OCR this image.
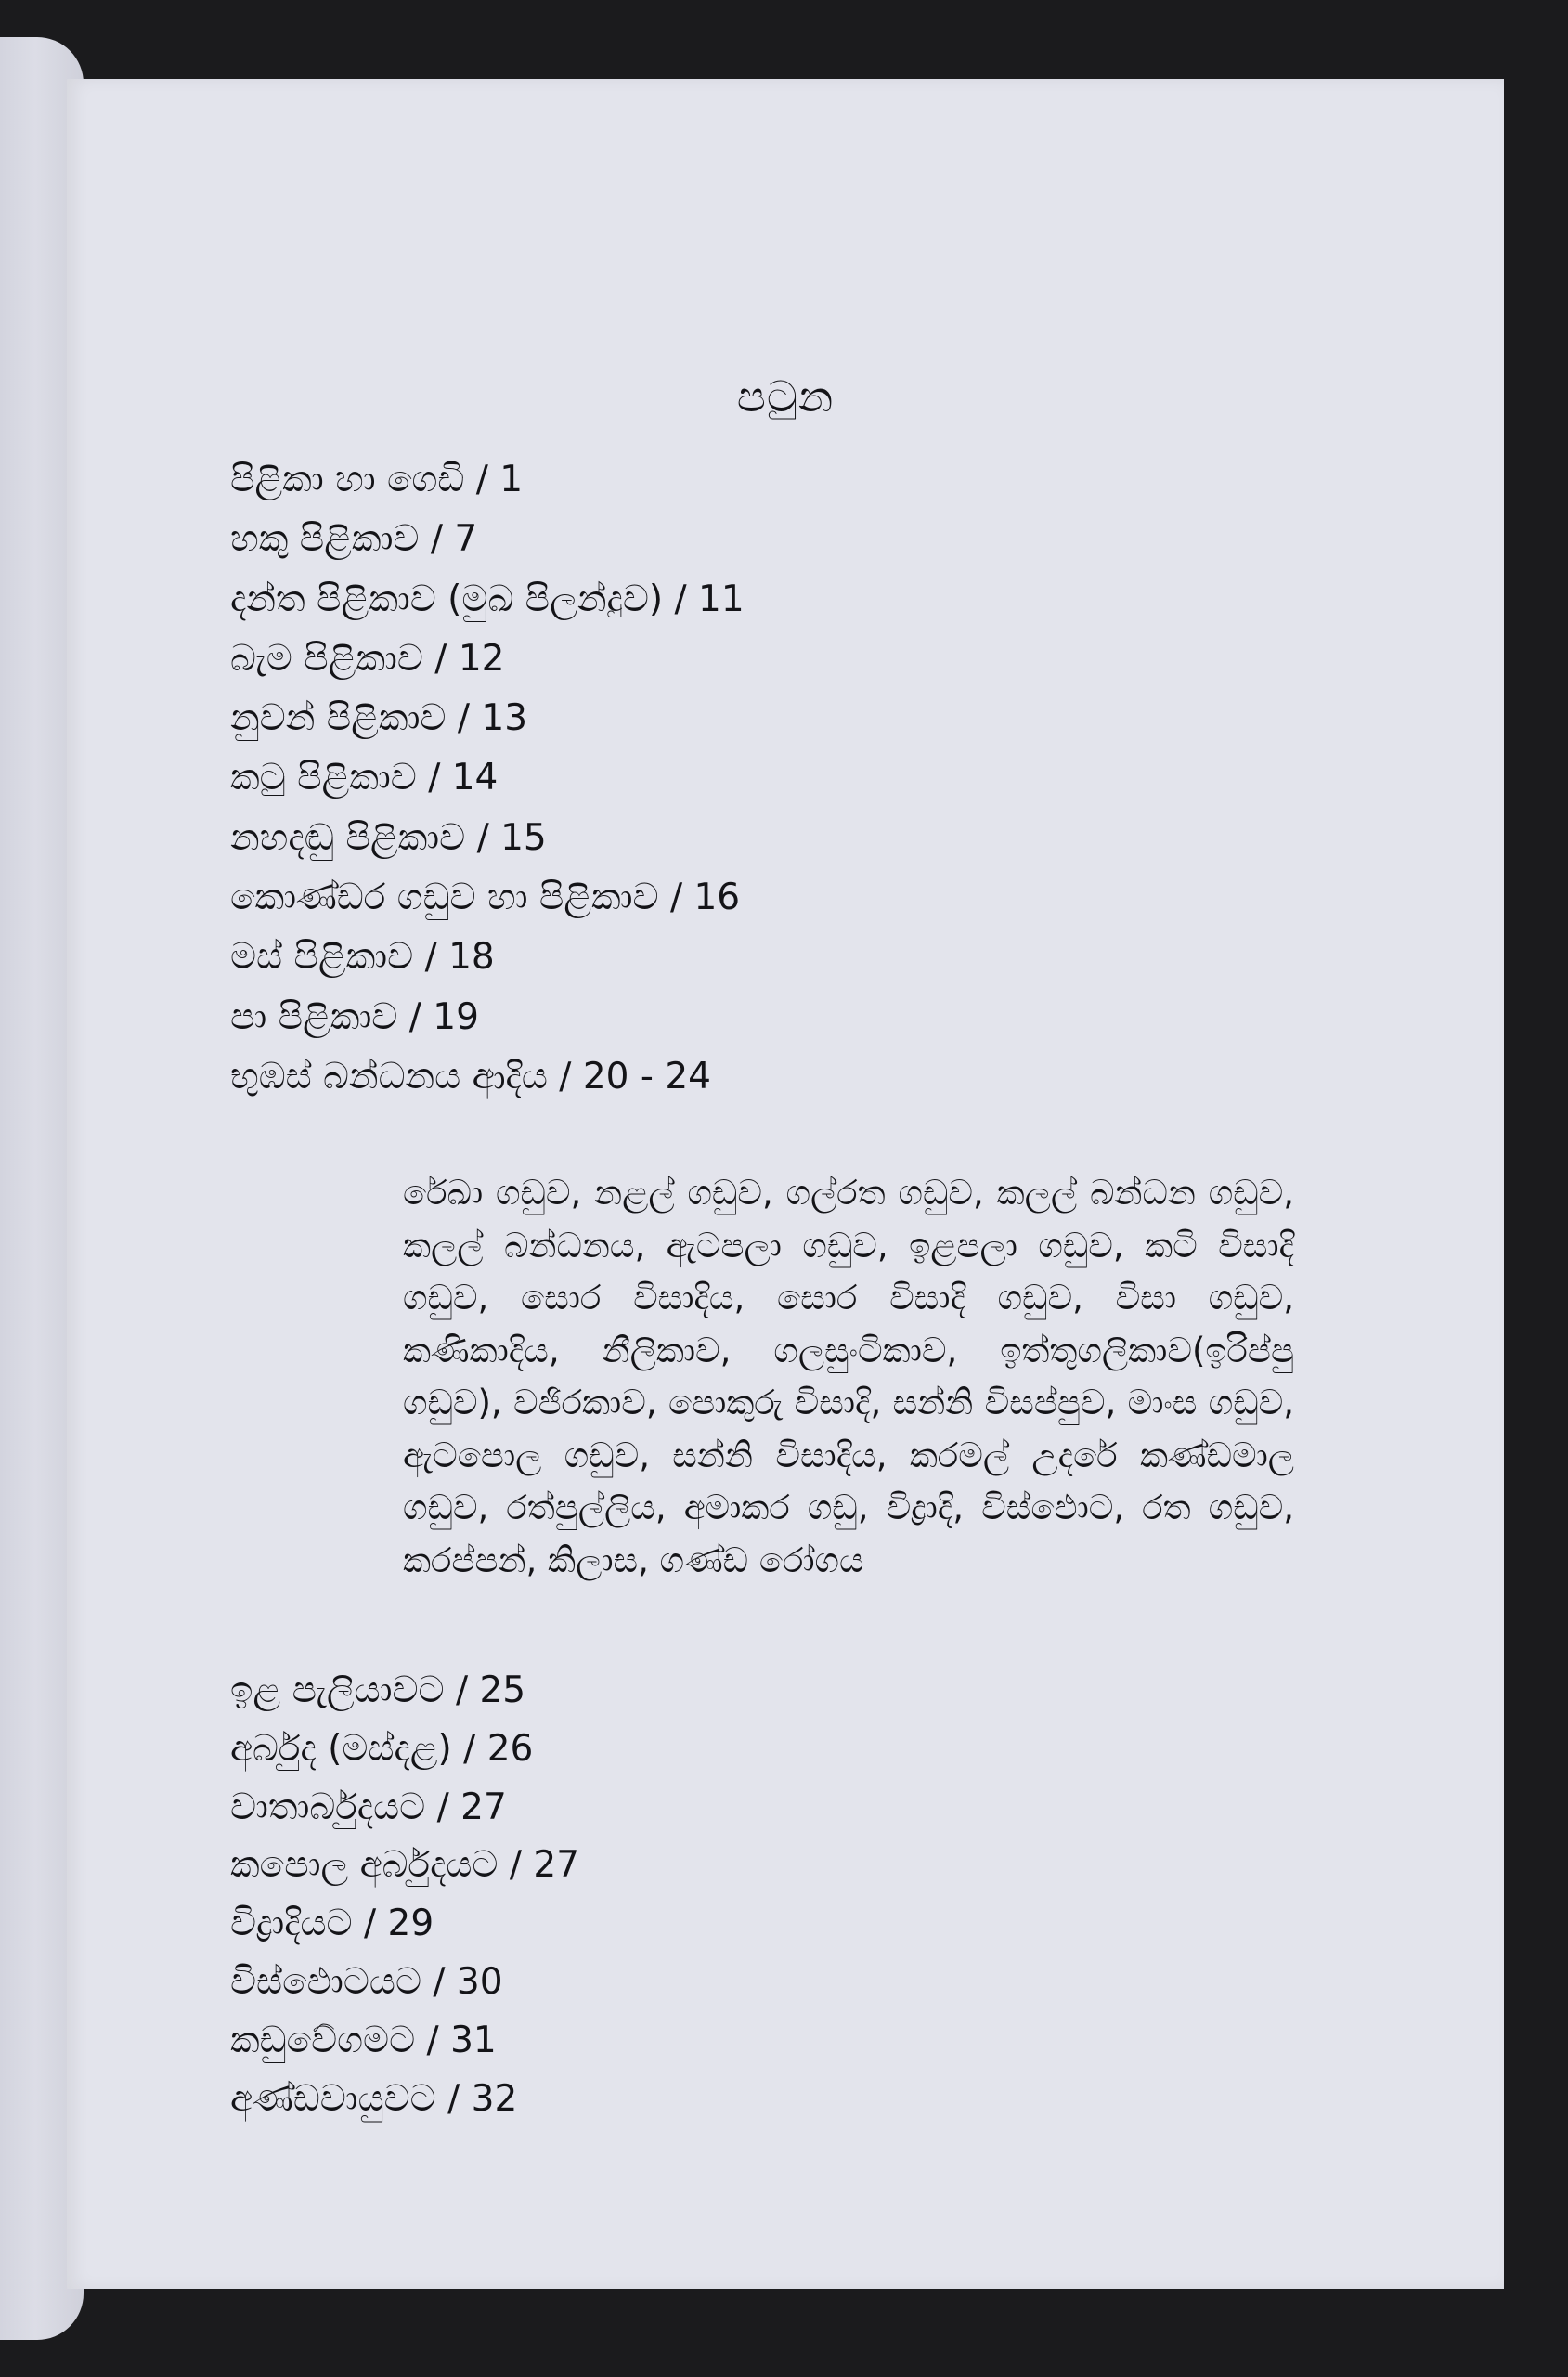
පටුන
පිළිකා හා ගෙඩි / 1
හකු පිළිකාව / 7
දන්ත පිළිකාව (මුඛ පිලන්දුව) / 11
බැම පිළිකාව / 12
නුවන් පිළිකාව / 13
කටු පිළිකාව / 14
නහදඬු පිළිකාව / 15
කොණ්ඩර ගඩුව හා පිළිකාව / 16
මස් පිළිකාව / 18
පා පිළිකාව / 19
භුඹස් බන්ධනය ආදිය / 20 - 24

රේඛා ගඩුව, නළල් ගඩුව, ගල්රත ගඩුව, කලල් බන්ධන ගඩුව, කලල් බන්ධනය, ඇටපලා ගඩුව, ඉළපලා ගඩුව, කටි විසාදි ගඩුව, සොර විසාදිය, සොර විසාදි ගඩුව, විසා ගඩුව, කණිකාදිය, නීලිකාව, ගලසුංටිකාව, ඉත්තුගලිකාව(ඉරිප්පු ගඩුව), වජිරකාව, පොකුරු විසාදි, සන්නි විසප්පුව, මාංස ගඩුව, ඇටපොල ගඩුව, සන්නි විසාදිය, කරමල් උදරේ කණ්ඩමාල ගඩුව, රත්පුල්ලිය, අමාකර ගඩු, විද්‍රාදි, විස්ඵොට, රත ගඩුව, කරප්පන්, කිලාස, ගණ්ඩ රෝගය

ඉළ පැලියාවට / 25
අර්බුද (මස්දළ) / 26
වාතාර්බුදයට / 27
කපොල අර්බුදයට / 27
විද්‍රාදියට / 29
විස්ඵොටයට / 30
කඩුවේගමට / 31
අණ්ඩවායුවට / 32
